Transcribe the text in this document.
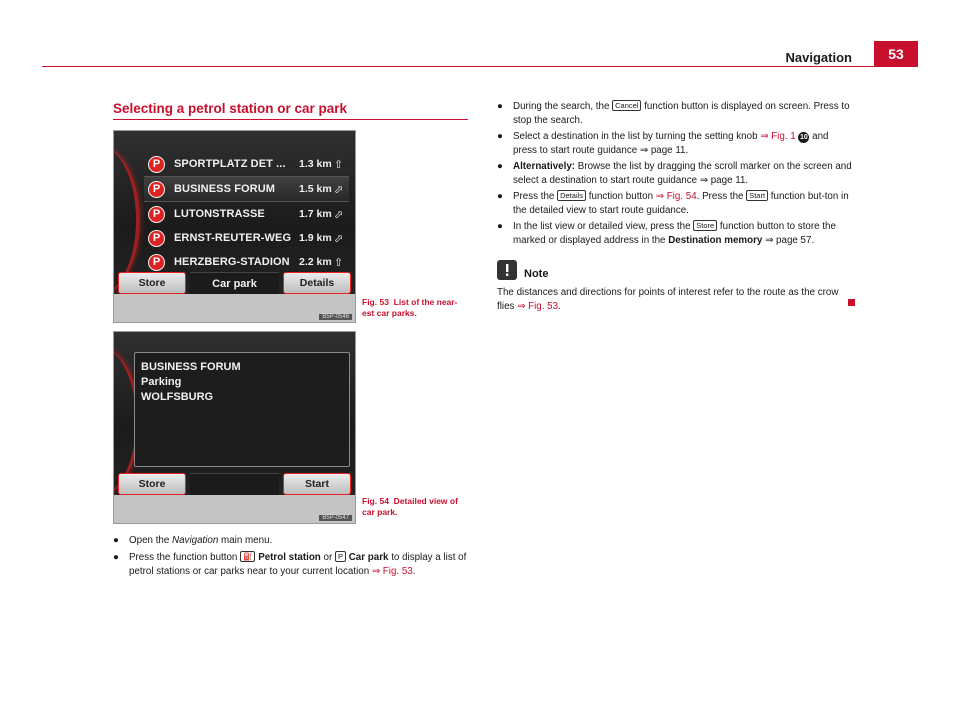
Navigation	53
Selecting a petrol station or car park
P	SPORTPLATZ DET ... 1.3 km ⇧
P	BUSINESS FORUM 1.5 km ⬀
P	LUTONSTRASSE	1.7 km ⬀
P	ERNST-REUTER-WEG 1.9 km ⬀
P	HERZBERG-STADION 2.2 km ⇧
Store	Car park	Details
B5P-0546
Fig. 53 List of the near-est car parks.
BUSINESS FORUM
Parking
WOLFSBURG
Store	Start
B5P-0547
Fig. 54 Detailed view of car park.
●	Open the Navigation main menu.
●	Press the function button ⛽ Petrol station or P Car park to display a list of petrol stations or car parks near to your current location ⇒ Fig. 53.
●	During the search, the Cancel function button is displayed on screen. Press to stop the search.
●	Select a destination in the list by turning the setting knob ⇒ Fig. 1 10 and press to start route guidance ⇒ page 11.
●	Alternatively: Browse the list by dragging the scroll marker on the screen and select a destination to start route guidance ⇒ page 11.
●	Press the Details function button ⇒ Fig. 54. Press the Start function but-ton in the detailed view to start route guidance.
●	In the list view or detailed view, press the Store function button to store the marked or displayed address in the Destination memory ⇒ page 57.
Note
The distances and directions for points of interest refer to the route as the crow flies ⇒ Fig. 53.
